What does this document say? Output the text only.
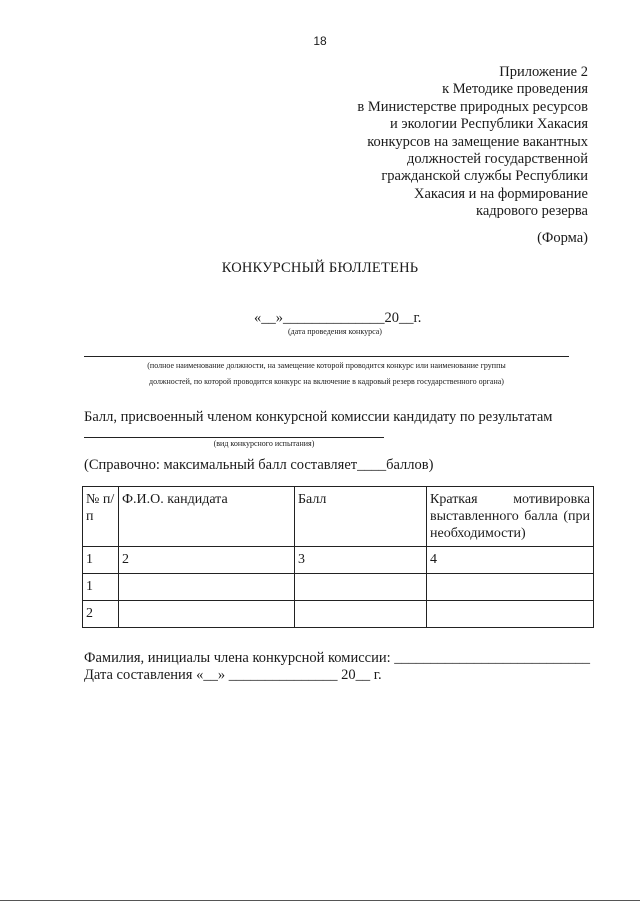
18
Приложение 2
к Методике проведения
в Министерстве природных ресурсов
и экологии Республики Хакасия
конкурсов на замещение вакантных
должностей государственной
гражданской службы Республики
Хакасия и на формирование
кадрового резерва
(Форма)
КОНКУРСНЫЙ БЮЛЛЕТЕНЬ
«__»______________20__г.
(дата проведения конкурса)
(полное наименование должности, на замещение которой проводится конкурс или наименование группы
должностей, по которой проводится конкурс на включение в кадровый резерв государственного органа)
Балл, присвоенный членом конкурсной комиссии кандидату по результатам
(вид конкурсного испытания)
(Справочно: максимальный балл составляет____баллов)
№ п/п	Ф.И.О. кандидата	Балл	Краткая мотивировка
выставленного балла (при
необходимости)

1	2	3	4
1			
2			
Фамилия, инициалы члена конкурсной комиссии: ___________________________
Дата составления «__» _______________ 20__ г.
